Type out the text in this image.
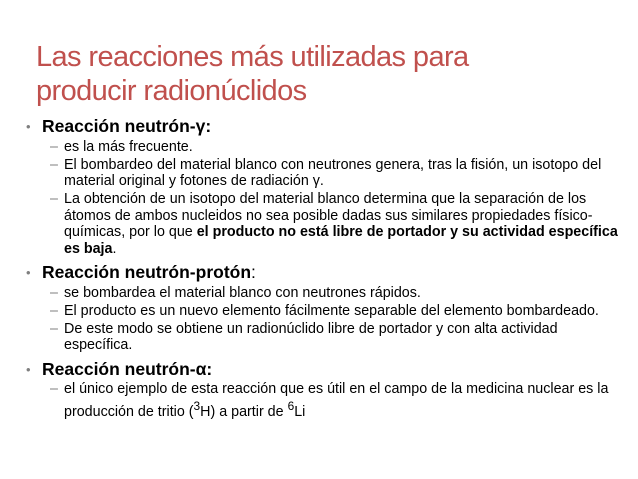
Las reacciones más utilizadas para
producir radionúclidos
• Reacción neutrón-γ:
– es la más frecuente.
– El bombardeo del material blanco con neutrones genera, tras la fisión, un isotopo del material original y fotones de radiación γ.
– La obtención de un isotopo del material blanco determina que la separación de los átomos de ambos nucleidos no sea posible dadas sus similares propiedades físico-químicas, por lo que el producto no está libre de portador y su actividad específica es baja.
• Reacción neutrón-protón:
– se bombardea el material blanco con neutrones rápidos.
– El producto es un nuevo elemento fácilmente separable del elemento bombardeado.
– De este modo se obtiene un radionúclido libre de portador y con alta actividad específica.
• Reacción neutrón-α:
– el único ejemplo de esta reacción que es útil en el campo de la medicina nuclear es la producción de tritio ($^3$H) a partir de $^6$Li
